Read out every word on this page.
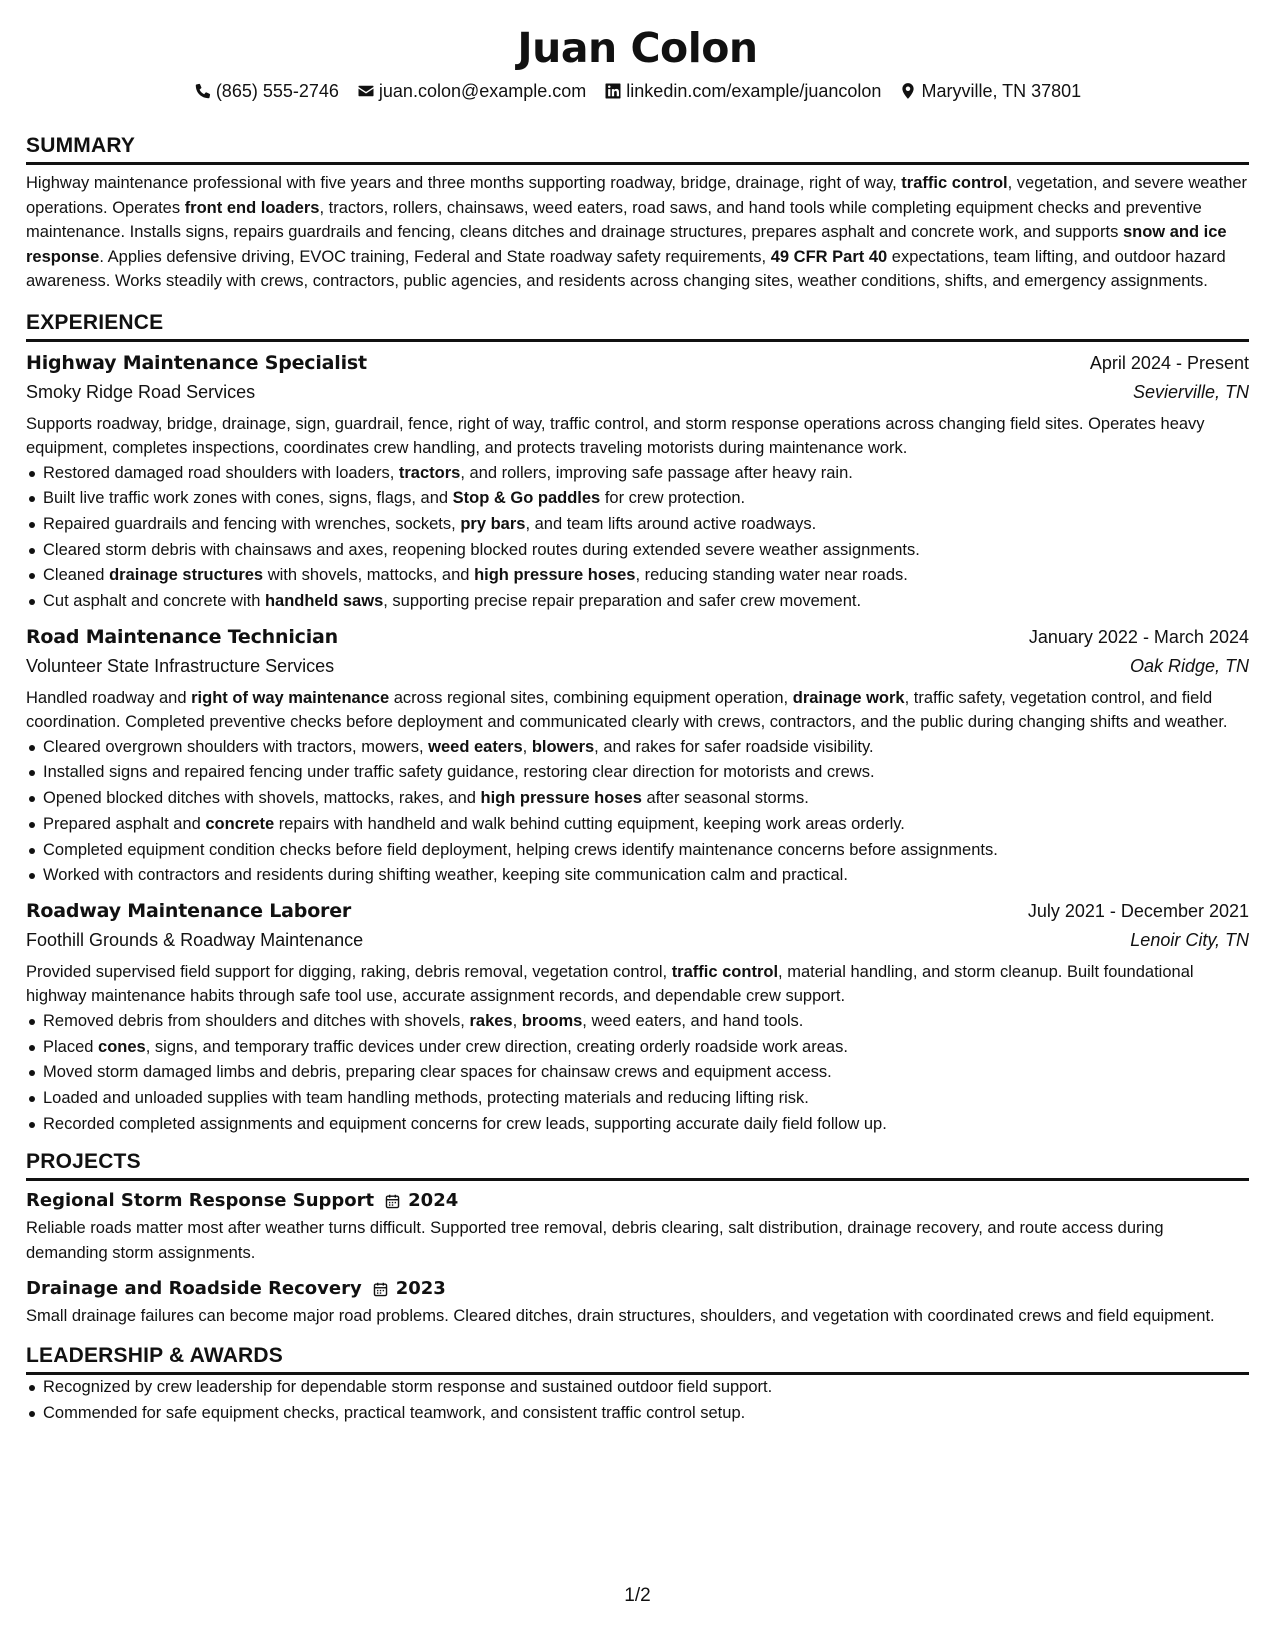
Juan Colon
(865) 555-2746 juan.colon@example.com linkedin.com/example/juancolon Maryville, TN 37801
SUMMARY

Highway maintenance professional with five years and three months supporting roadway, bridge, drainage, right of way, traffic control, vegetation, and severe weather operations. Operates front end loaders, tractors, rollers, chainsaws, weed eaters, road saws, and hand tools while completing equipment checks and preventive maintenance. Installs signs, repairs guardrails and fencing, cleans ditches and drainage structures, prepares asphalt and concrete work, and supports snow and ice response. Applies defensive driving, EVOC training, Federal and State roadway safety requirements, 49 CFR Part 40 expectations, team lifting, and outdoor hazard awareness. Works steadily with crews, contractors, public agencies, and residents across changing sites, weather conditions, shifts, and emergency assignments.

EXPERIENCE
Highway Maintenance Specialist	April 2024 - Present
Smoky Ridge Road Services	Sevierville, TN

Supports roadway, bridge, drainage, sign, guardrail, fence, right of way, traffic control, and storm response operations across changing field sites. Operates heavy equipment, completes inspections, coordinates crew handling, and protects traveling motorists during maintenance work.

Restored damaged road shoulders with loaders, tractors, and rollers, improving safe passage after heavy rain.
Built live traffic work zones with cones, signs, flags, and Stop & Go paddles for crew protection.
Repaired guardrails and fencing with wrenches, sockets, pry bars, and team lifts around active roadways.
Cleared storm debris with chainsaws and axes, reopening blocked routes during extended severe weather assignments.
Cleaned drainage structures with shovels, mattocks, and high pressure hoses, reducing standing water near roads.
Cut asphalt and concrete with handheld saws, supporting precise repair preparation and safer crew movement.
Road Maintenance Technician	January 2022 - March 2024
Volunteer State Infrastructure Services	Oak Ridge, TN

Handled roadway and right of way maintenance across regional sites, combining equipment operation, drainage work, traffic safety, vegetation control, and field coordination. Completed preventive checks before deployment and communicated clearly with crews, contractors, and the public during changing shifts and weather.

Cleared overgrown shoulders with tractors, mowers, weed eaters, blowers, and rakes for safer roadside visibility.
Installed signs and repaired fencing under traffic safety guidance, restoring clear direction for motorists and crews.
Opened blocked ditches with shovels, mattocks, rakes, and high pressure hoses after seasonal storms.
Prepared asphalt and concrete repairs with handheld and walk behind cutting equipment, keeping work areas orderly.
Completed equipment condition checks before field deployment, helping crews identify maintenance concerns before assignments.
Worked with contractors and residents during shifting weather, keeping site communication calm and practical.
Roadway Maintenance Laborer	July 2021 - December 2021
Foothill Grounds & Roadway Maintenance	Lenoir City, TN

Provided supervised field support for digging, raking, debris removal, vegetation control, traffic control, material handling, and storm cleanup. Built foundational highway maintenance habits through safe tool use, accurate assignment records, and dependable crew support.

Removed debris from shoulders and ditches with shovels, rakes, brooms, weed eaters, and hand tools.
Placed cones, signs, and temporary traffic devices under crew direction, creating orderly roadside work areas.
Moved storm damaged limbs and debris, preparing clear spaces for chainsaw crews and equipment access.
Loaded and unloaded supplies with team handling methods, protecting materials and reducing lifting risk.
Recorded completed assignments and equipment concerns for crew leads, supporting accurate daily field follow up.
PROJECTS
Regional Storm Response Support 2024

Reliable roads matter most after weather turns difficult. Supported tree removal, debris clearing, salt distribution, drainage recovery, and route access during demanding storm assignments.

Drainage and Roadside Recovery 2023

Small drainage failures can become major road problems. Cleared ditches, drain structures, shoulders, and vegetation with coordinated crews and field equipment.

LEADERSHIP & AWARDS
Recognized by crew leadership for dependable storm response and sustained outdoor field support.
Commended for safe equipment checks, practical teamwork, and consistent traffic control setup.
1/2
